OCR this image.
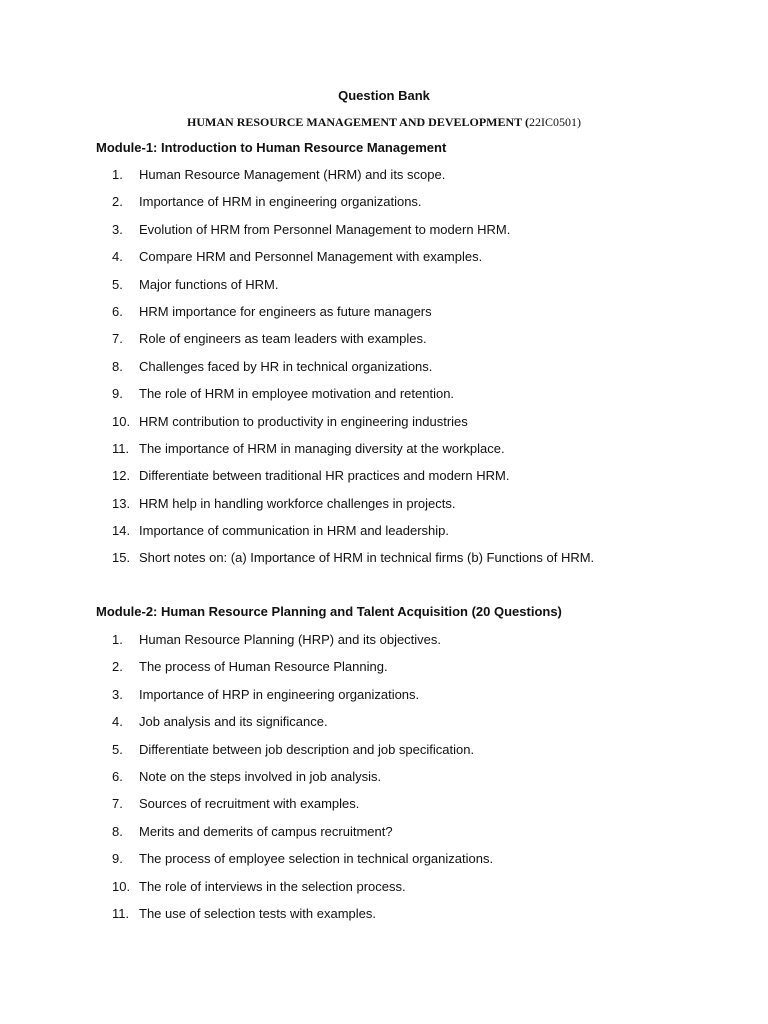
Question Bank
HUMAN RESOURCE MANAGEMENT AND DEVELOPMENT (22IC0501)
Module-1: Introduction to Human Resource Management
1. Human Resource Management (HRM) and its scope.
2. Importance of HRM in engineering organizations.
3. Evolution of HRM from Personnel Management to modern HRM.
4. Compare HRM and Personnel Management with examples.
5. Major functions of HRM.
6. HRM importance for engineers as future managers
7. Role of engineers as team leaders with examples.
8. Challenges faced by HR in technical organizations.
9. The role of HRM in employee motivation and retention.
10. HRM contribution to productivity in engineering industries
11. The importance of HRM in managing diversity at the workplace.
12. Differentiate between traditional HR practices and modern HRM.
13. HRM help in handling workforce challenges in projects.
14. Importance of communication in HRM and leadership.
15. Short notes on: (a) Importance of HRM in technical firms (b) Functions of HRM.
Module-2: Human Resource Planning and Talent Acquisition (20 Questions)
1. Human Resource Planning (HRP) and its objectives.
2. The process of Human Resource Planning.
3. Importance of HRP in engineering organizations.
4. Job analysis and its significance.
5. Differentiate between job description and job specification.
6. Note on the steps involved in job analysis.
7. Sources of recruitment with examples.
8. Merits and demerits of campus recruitment?
9. The process of employee selection in technical organizations.
10. The role of interviews in the selection process.
11. The use of selection tests with examples.
